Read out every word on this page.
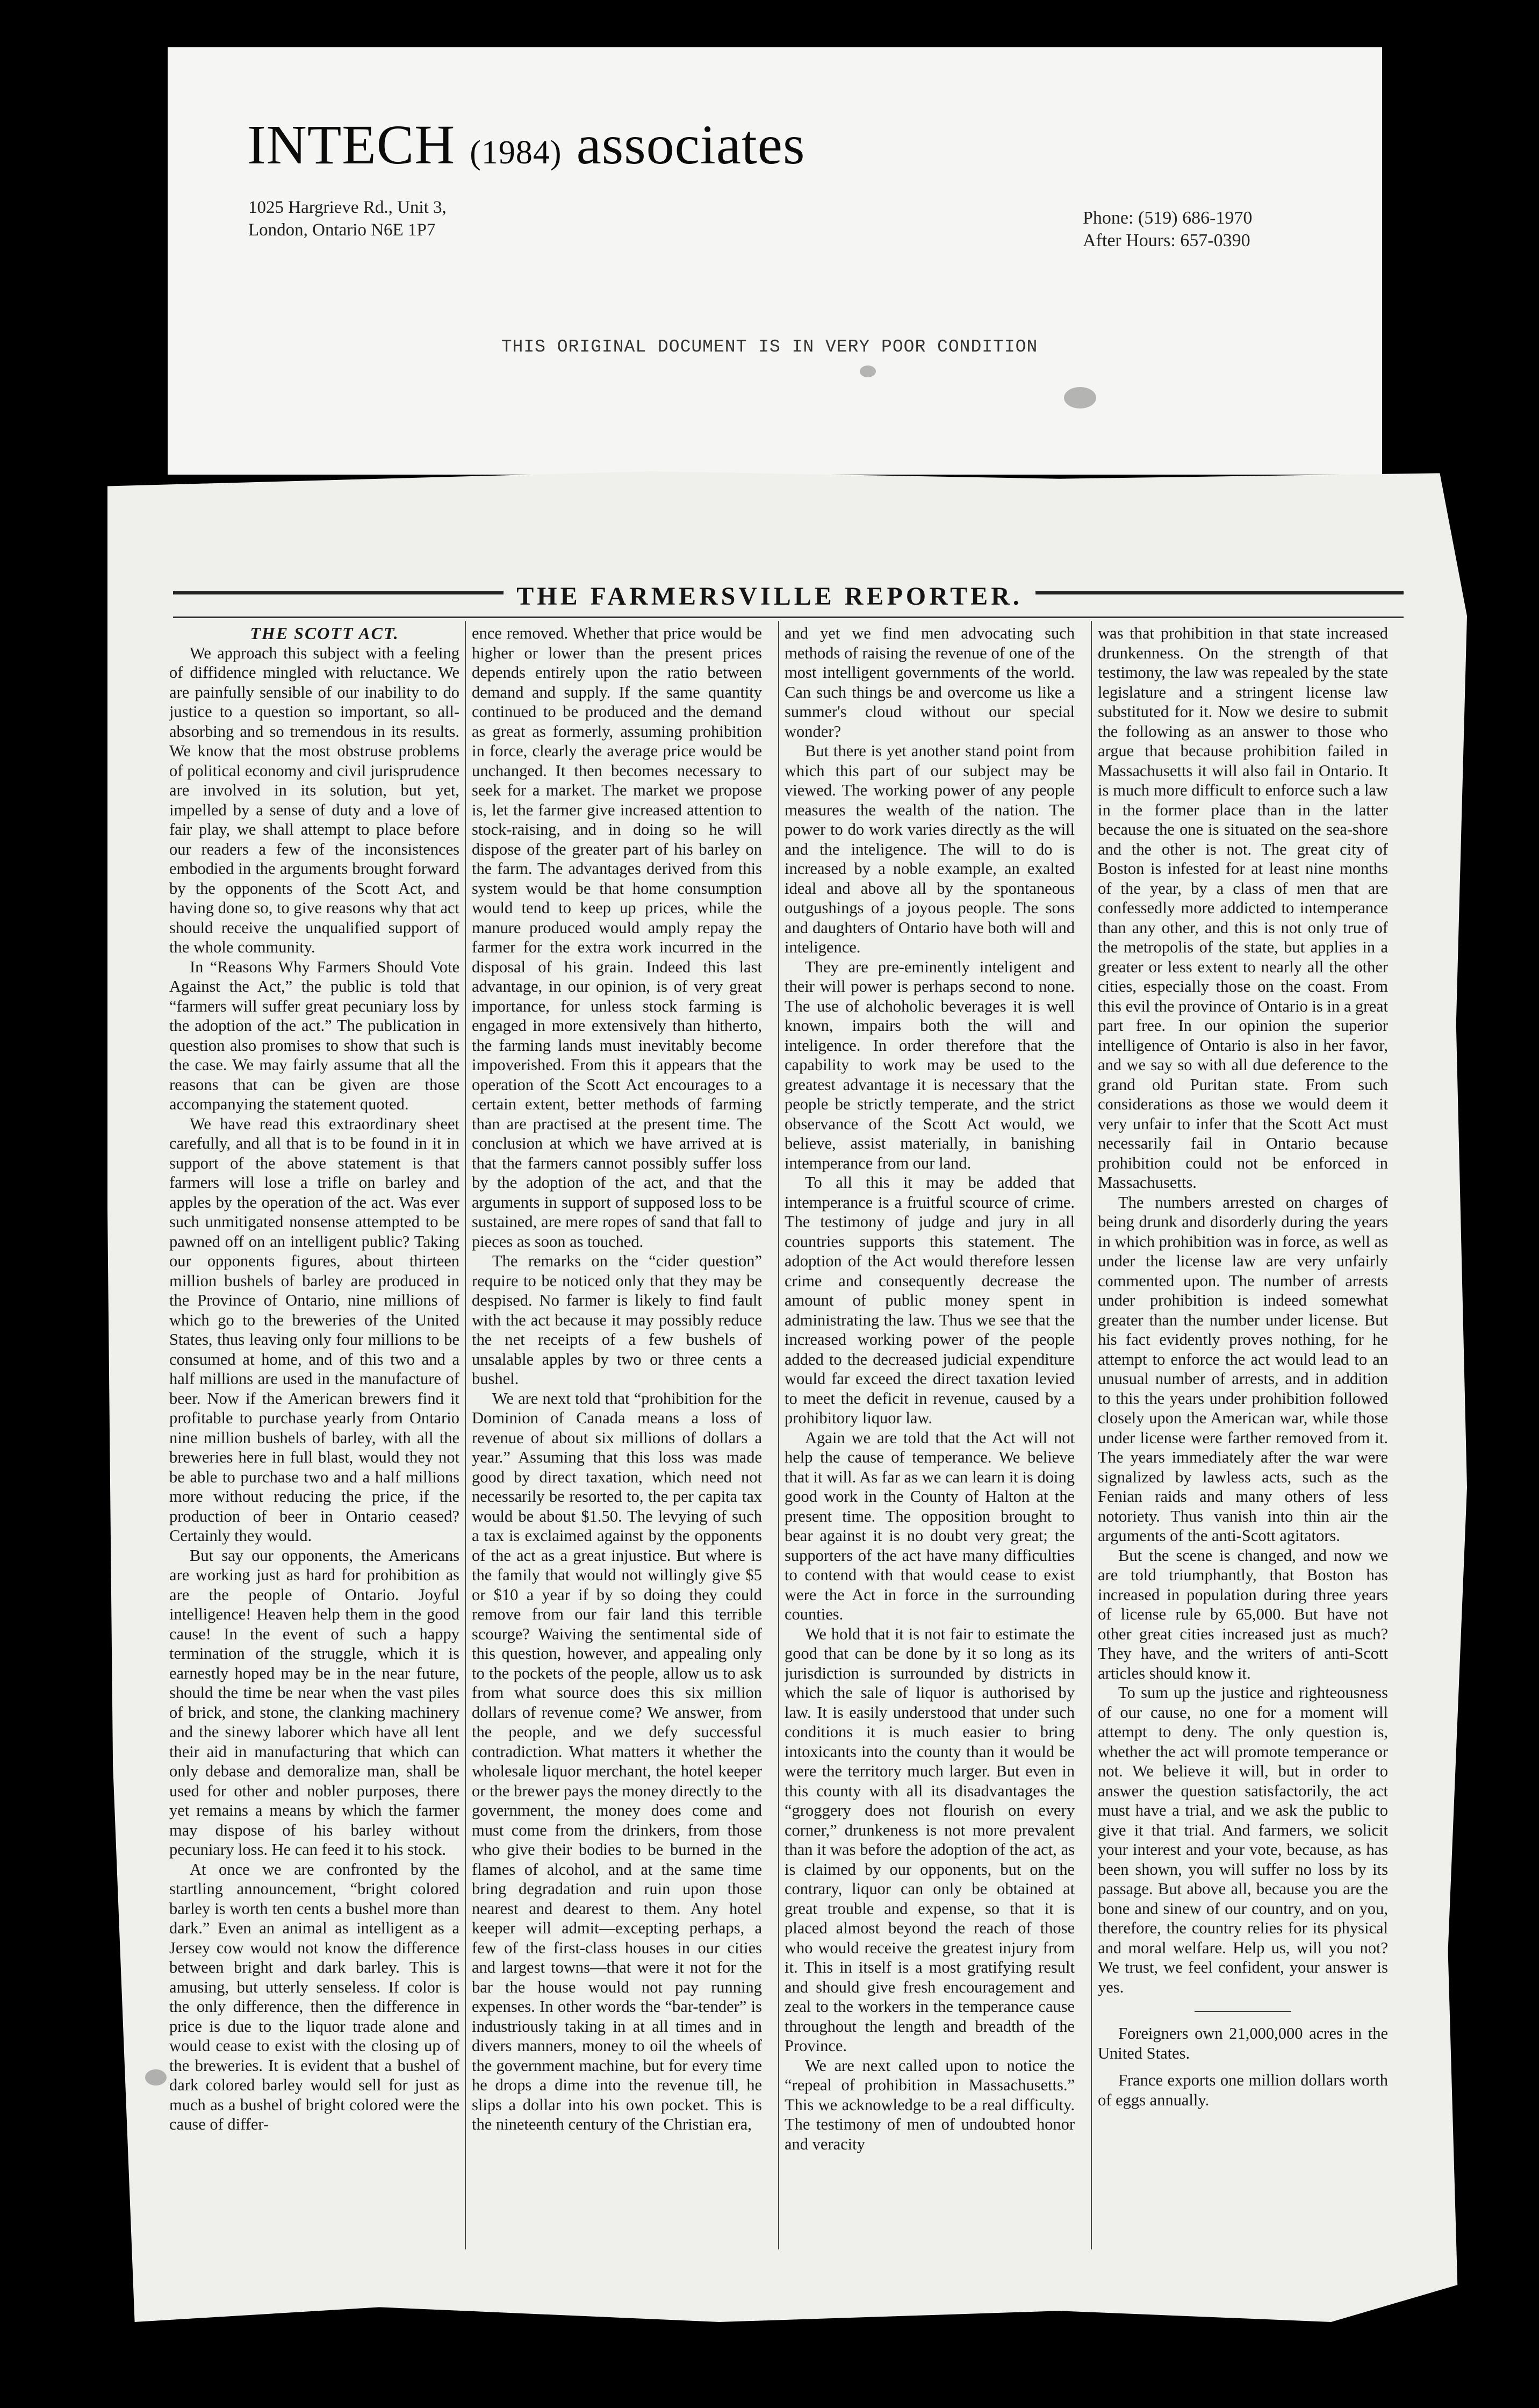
INTECH (1984) associates
1025 Hargrieve Rd., Unit 3,
London, Ontario N6E 1P7
Phone: (519) 686-1970
After Hours: 657-0390
THIS ORIGINAL DOCUMENT IS IN VERY POOR CONDITION
THE FARMERSVILLE REPORTER.

THE SCOTT ACT.

We approach this subject with a feeling of diffidence mingled with reluctance. We are painfully sensible of our inability to do justice to a question so important, so all-absorbing and so tremendous in its results. We know that the most obstruse problems of political economy and civil jurisprudence are involved in its solution, but yet, impelled by a sense of duty and a love of fair play, we shall attempt to place before our readers a few of the inconsistences embodied in the arguments brought forward by the opponents of the Scott Act, and having done so, to give reasons why that act should receive the unqualified support of the whole community.

In “Reasons Why Farmers Should Vote Against the Act,” the public is told that “farmers will suffer great pecuniary loss by the adoption of the act.” The publication in question also promises to show that such is the case. We may fairly assume that all the reasons that can be given are those accompanying the statement quoted.

We have read this extraordinary sheet carefully, and all that is to be found in it in support of the above statement is that farmers will lose a trifle on barley and apples by the operation of the act. Was ever such unmitigated nonsense attempted to be pawned off on an intelligent public? Taking our opponents figures, about thirteen million bushels of barley are produced in the Province of Ontario, nine millions of which go to the breweries of the United States, thus leaving only four millions to be consumed at home, and of this two and a half millions are used in the manufacture of beer. Now if the American brewers find it profitable to purchase yearly from Ontario nine million bushels of barley, with all the breweries here in full blast, would they not be able to purchase two and a half millions more without reducing the price, if the production of beer in Ontario ceased? Certainly they would.

But say our opponents, the Americans are working just as hard for prohibition as are the people of Ontario. Joyful intelligence! Heaven help them in the good cause! In the event of such a happy termination of the struggle, which it is earnestly hoped may be in the near future, should the time be near when the vast piles of brick, and stone, the clanking machinery and the sinewy laborer which have all lent their aid in manufacturing that which can only debase and demoralize man, shall be used for other and nobler purposes, there yet remains a means by which the farmer may dispose of his barley without pecuniary loss. He can feed it to his stock.

At once we are confronted by the startling announcement, “bright colored barley is worth ten cents a bushel more than dark.” Even an animal as intelligent as a Jersey cow would not know the difference between bright and dark barley. This is amusing, but utterly senseless. If color is the only difference, then the difference in price is due to the liquor trade alone and would cease to exist with the closing up of the breweries. It is evident that a bushel of dark colored barley would sell for just as much as a bushel of bright colored were the cause of differ-

ence removed. Whether that price would be higher or lower than the present prices depends entirely upon the ratio between demand and supply. If the same quantity continued to be produced and the demand as great as formerly, assuming prohibition in force, clearly the average price would be unchanged. It then becomes necessary to seek for a market. The market we propose is, let the farmer give increased attention to stock-raising, and in doing so he will dispose of the greater part of his barley on the farm. The advantages derived from this system would be that home consumption would tend to keep up prices, while the manure produced would amply repay the farmer for the extra work incurred in the disposal of his grain. Indeed this last advantage, in our opinion, is of very great importance, for unless stock farming is engaged in more extensively than hitherto, the farming lands must inevitably become impoverished. From this it appears that the operation of the Scott Act encourages to a certain extent, better methods of farming than are practised at the present time. The conclusion at which we have arrived at is that the farmers cannot possibly suffer loss by the adoption of the act, and that the arguments in support of supposed loss to be sustained, are mere ropes of sand that fall to pieces as soon as touched.

The remarks on the “cider question” require to be noticed only that they may be despised. No farmer is likely to find fault with the act because it may possibly reduce the net receipts of a few bushels of unsalable apples by two or three cents a bushel.

We are next told that “prohibition for the Dominion of Canada means a loss of revenue of about six millions of dollars a year.” Assuming that this loss was made good by direct taxation, which need not necessarily be resorted to, the per capita tax would be about $1.50. The levying of such a tax is exclaimed against by the opponents of the act as a great injustice. But where is the family that would not willingly give $5 or $10 a year if by so doing they could remove from our fair land this terrible scourge? Waiving the sentimental side of this question, however, and appealing only to the pockets of the people, allow us to ask from what source does this six million dollars of revenue come? We answer, from the people, and we defy successful contradiction. What matters it whether the wholesale liquor merchant, the hotel keeper or the brewer pays the money directly to the government, the money does come and must come from the drinkers, from those who give their bodies to be burned in the flames of alcohol, and at the same time bring degradation and ruin upon those nearest and dearest to them. Any hotel keeper will admit—excepting perhaps, a few of the first-class houses in our cities and largest towns—that were it not for the bar the house would not pay running expenses. In other words the “bar-tender” is industriously taking in at all times and in divers manners, money to oil the wheels of the government machine, but for every time he drops a dime into the revenue till, he slips a dollar into his own pocket. This is the nineteenth century of the Christian era,

and yet we find men advocating such methods of raising the revenue of one of the most intelligent governments of the world. Can such things be and overcome us like a summer's cloud without our special wonder?

But there is yet another stand point from which this part of our subject may be viewed. The working power of any people measures the wealth of the nation. The power to do work varies directly as the will and the inteligence. The will to do is increased by a noble example, an exalted ideal and above all by the spontaneous outgushings of a joyous people. The sons and daughters of Ontario have both will and inteligence.

They are pre-eminently inteligent and their will power is perhaps second to none. The use of alchoholic beverages it is well known, impairs both the will and inteligence. In order therefore that the capability to work may be used to the greatest advantage it is necessary that the people be strictly temperate, and the strict observance of the Scott Act would, we believe, assist materially, in banishing intemperance from our land.

To all this it may be added that intemperance is a fruitful scource of crime. The testimony of judge and jury in all countries supports this statement. The adoption of the Act would therefore lessen crime and consequently decrease the amount of public money spent in administrating the law. Thus we see that the increased working power of the people added to the decreased judicial expenditure would far exceed the direct taxation levied to meet the deficit in revenue, caused by a prohibitory liquor law.

Again we are told that the Act will not help the cause of temperance. We believe that it will. As far as we can learn it is doing good work in the County of Halton at the present time. The opposition brought to bear against it is no doubt very great; the supporters of the act have many difficulties to contend with that would cease to exist were the Act in force in the surrounding counties.

We hold that it is not fair to estimate the good that can be done by it so long as its jurisdiction is surrounded by districts in which the sale of liquor is authorised by law. It is easily understood that under such conditions it is much easier to bring intoxicants into the county than it would be were the territory much larger. But even in this county with all its disadvantages the “groggery does not flourish on every corner,” drunkeness is not more prevalent than it was before the adoption of the act, as is claimed by our opponents, but on the contrary, liquor can only be obtained at great trouble and expense, so that it is placed almost beyond the reach of those who would receive the greatest injury from it. This in itself is a most gratifying result and should give fresh encouragement and zeal to the workers in the temperance cause throughout the length and breadth of the Province.

We are next called upon to notice the “repeal of prohibition in Massachusetts.” This we acknowledge to be a real difficulty. The testimony of men of undoubted honor and veracity

was that prohibition in that state increased drunkenness. On the strength of that testimony, the law was repealed by the state legislature and a stringent license law substituted for it. Now we desire to submit the following as an answer to those who argue that because prohibition failed in Massachusetts it will also fail in Ontario. It is much more difficult to enforce such a law in the former place than in the latter because the one is situated on the sea-shore and the other is not. The great city of Boston is infested for at least nine months of the year, by a class of men that are confessedly more addicted to intemperance than any other, and this is not only true of the metropolis of the state, but applies in a greater or less extent to nearly all the other cities, especially those on the coast. From this evil the province of Ontario is in a great part free. In our opinion the superior intelligence of Ontario is also in her favor, and we say so with all due deference to the grand old Puritan state. From such considerations as those we would deem it very unfair to infer that the Scott Act must necessarily fail in Ontario because prohibition could not be enforced in Massachusetts.

The numbers arrested on charges of being drunk and disorderly during the years in which prohibition was in force, as well as under the license law are very unfairly commented upon. The number of arrests under prohibition is indeed somewhat greater than the number under license. But his fact evidently proves nothing, for he attempt to enforce the act would lead to an unusual number of arrests, and in addition to this the years under prohibition followed closely upon the American war, while those under license were farther removed from it. The years immediately after the war were signalized by lawless acts, such as the Fenian raids and many others of less notoriety. Thus vanish into thin air the arguments of the anti-Scott agitators.

But the scene is changed, and now we are told triumphantly, that Boston has increased in population during three years of license rule by 65,000. But have not other great cities increased just as much? They have, and the writers of anti-Scott articles should know it.

To sum up the justice and righteousness of our cause, no one for a moment will attempt to deny. The only question is, whether the act will promote temperance or not. We believe it will, but in order to answer the question satisfactorily, the act must have a trial, and we ask the public to give it that trial. And farmers, we solicit your interest and your vote, because, as has been shown, you will suffer no loss by its passage. But above all, because you are the bone and sinew of our country, and on you, therefore, the country relies for its physical and moral welfare. Help us, will you not? We trust, we feel confident, your answer is yes.

Foreigners own 21,000,000 acres in the United States.

France exports one million dollars worth of eggs annually.
